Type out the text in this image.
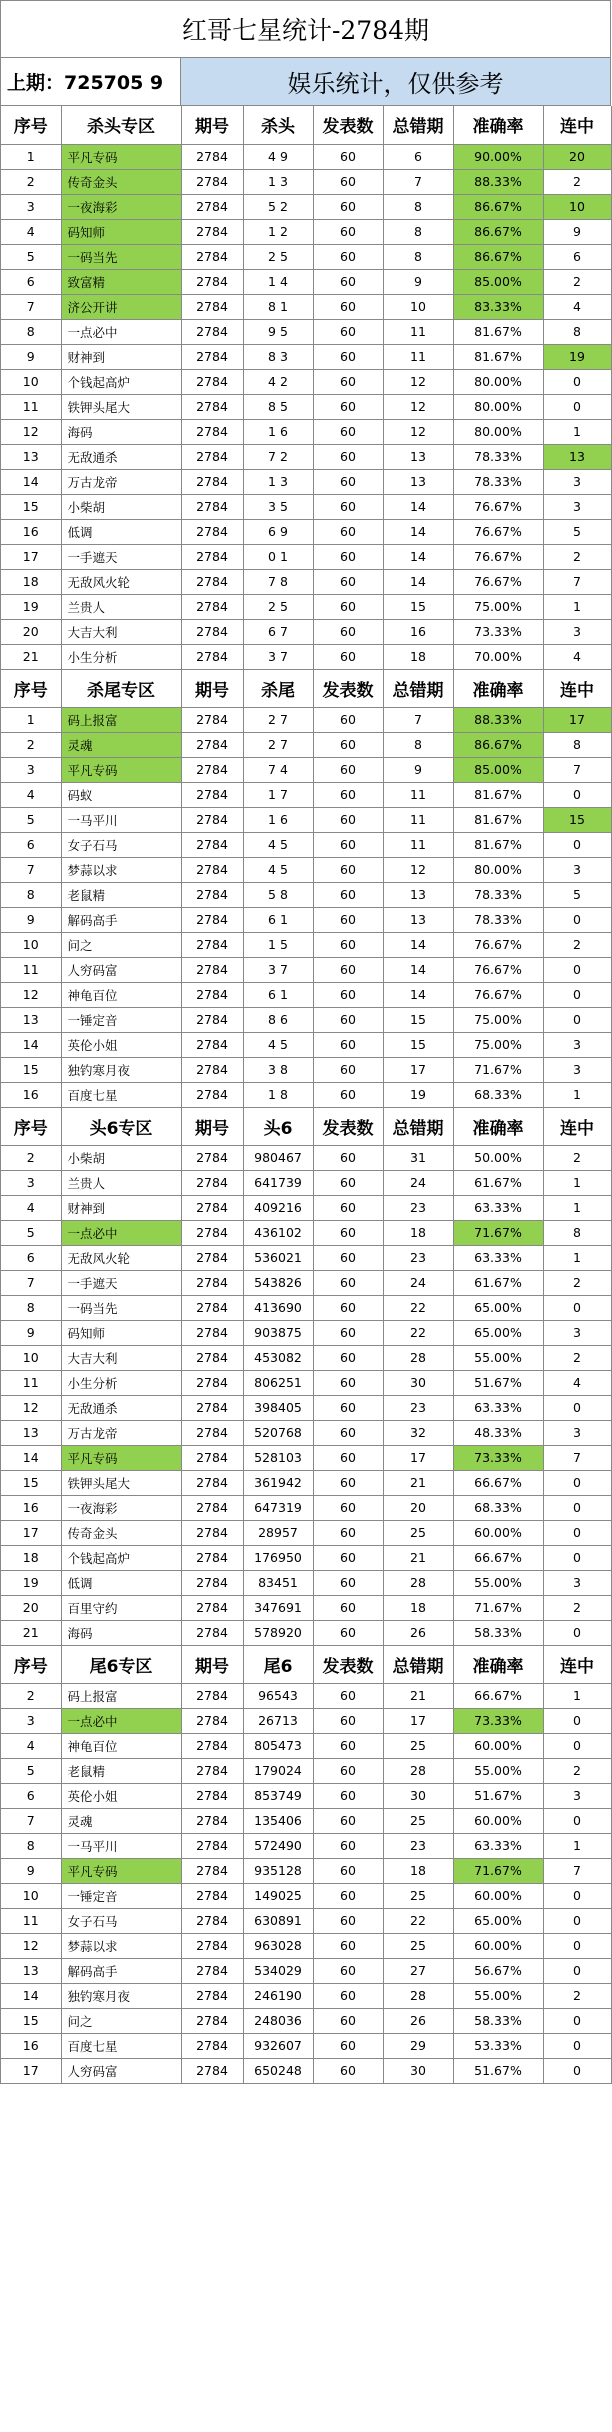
红哥七星统计-2784期
上期：725705 9	娱乐统计，仅供参考
序号	杀头专区	期号	杀头	发表数	总错期	准确率	连中
1	平凡专码	2784	4 9	60	6	90.00%	20
2	传奇金头	2784	1 3	60	7	88.33%	2
3	一夜海彩	2784	5 2	60	8	86.67%	10
4	码知师	2784	1 2	60	8	86.67%	9
5	一码当先	2784	2 5	60	8	86.67%	6
6	致富精	2784	1 4	60	9	85.00%	2
7	济公开讲	2784	8 1	60	10	83.33%	4
8	一点必中	2784	9 5	60	11	81.67%	8
9	财神到	2784	8 3	60	11	81.67%	19
10	个钱起高炉	2784	4 2	60	12	80.00%	0
11	铁钾头尾大	2784	8 5	60	12	80.00%	0
12	海码	2784	1 6	60	12	80.00%	1
13	无敌通杀	2784	7 2	60	13	78.33%	13
14	万古龙帝	2784	1 3	60	13	78.33%	3
15	小柴胡	2784	3 5	60	14	76.67%	3
16	低调	2784	6 9	60	14	76.67%	5
17	一手遮天	2784	0 1	60	14	76.67%	2
18	无敌风火轮	2784	7 8	60	14	76.67%	7
19	兰贵人	2784	2 5	60	15	75.00%	1
20	大吉大利	2784	6 7	60	16	73.33%	3
21	小生分析	2784	3 7	60	18	70.00%	4
序号	杀尾专区	期号	杀尾	发表数	总错期	准确率	连中
1	码上报富	2784	2 7	60	7	88.33%	17
2	灵魂	2784	2 7	60	8	86.67%	8
3	平凡专码	2784	7 4	60	9	85.00%	7
4	码蚁	2784	1 7	60	11	81.67%	0
5	一马平川	2784	1 6	60	11	81.67%	15
6	女子石马	2784	4 5	60	11	81.67%	0
7	梦蒜以求	2784	4 5	60	12	80.00%	3
8	老鼠精	2784	5 8	60	13	78.33%	5
9	解码高手	2784	6 1	60	13	78.33%	0
10	问之	2784	1 5	60	14	76.67%	2
11	人穷码富	2784	3 7	60	14	76.67%	0
12	神龟百位	2784	6 1	60	14	76.67%	0
13	一锤定音	2784	8 6	60	15	75.00%	0
14	英伦小姐	2784	4 5	60	15	75.00%	3
15	独钓寒月夜	2784	3 8	60	17	71.67%	3
16	百度七星	2784	1 8	60	19	68.33%	1
序号	头6专区	期号	头6	发表数	总错期	准确率	连中
2	小柴胡	2784	980467	60	31	50.00%	2
3	兰贵人	2784	641739	60	24	61.67%	1
4	财神到	2784	409216	60	23	63.33%	1
5	一点必中	2784	436102	60	18	71.67%	8
6	无敌风火轮	2784	536021	60	23	63.33%	1
7	一手遮天	2784	543826	60	24	61.67%	2
8	一码当先	2784	413690	60	22	65.00%	0
9	码知师	2784	903875	60	22	65.00%	3
10	大吉大利	2784	453082	60	28	55.00%	2
11	小生分析	2784	806251	60	30	51.67%	4
12	无敌通杀	2784	398405	60	23	63.33%	0
13	万古龙帝	2784	520768	60	32	48.33%	3
14	平凡专码	2784	528103	60	17	73.33%	7
15	铁钾头尾大	2784	361942	60	21	66.67%	0
16	一夜海彩	2784	647319	60	20	68.33%	0
17	传奇金头	2784	28957	60	25	60.00%	0
18	个钱起高炉	2784	176950	60	21	66.67%	0
19	低调	2784	83451	60	28	55.00%	3
20	百里守约	2784	347691	60	18	71.67%	2
21	海码	2784	578920	60	26	58.33%	0
序号	尾6专区	期号	尾6	发表数	总错期	准确率	连中
2	码上报富	2784	96543	60	21	66.67%	1
3	一点必中	2784	26713	60	17	73.33%	0
4	神龟百位	2784	805473	60	25	60.00%	0
5	老鼠精	2784	179024	60	28	55.00%	2
6	英伦小姐	2784	853749	60	30	51.67%	3
7	灵魂	2784	135406	60	25	60.00%	0
8	一马平川	2784	572490	60	23	63.33%	1
9	平凡专码	2784	935128	60	18	71.67%	7
10	一锤定音	2784	149025	60	25	60.00%	0
11	女子石马	2784	630891	60	22	65.00%	0
12	梦蒜以求	2784	963028	60	25	60.00%	0
13	解码高手	2784	534029	60	27	56.67%	0
14	独钓寒月夜	2784	246190	60	28	55.00%	2
15	问之	2784	248036	60	26	58.33%	0
16	百度七星	2784	932607	60	29	53.33%	0
17	人穷码富	2784	650248	60	30	51.67%	0
